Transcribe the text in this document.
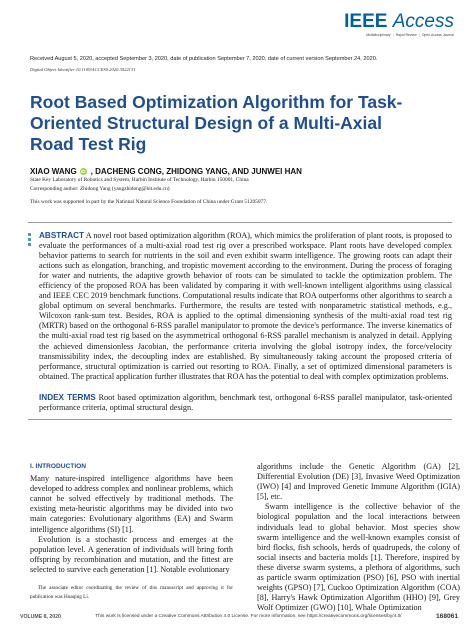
IEEE Access
Multidisciplinary ⋮ Rapid Review ⋮ Open Access Journal
Received August 5, 2020, accepted September 3, 2020, date of publication September 7, 2020, date of current version September 24, 2020.
Digital Object Identifier 10.1109/ACCESS.2020.3022131
Root Based Optimization Algorithm for Task-Oriented Structural Design of a Multi-Axial Road Test Rig
XIAO WANG iD , DACHENG CONG, ZHIDONG YANG, AND JUNWEI HAN
State Key Laboratory of Robotics and System, Harbin Institute of Technology, Harbin 150001, China
Corresponding author: Zhidong Yang (yangzhidong@hit.edu.cn)
This work was supported in part by the National Natural Science Foundation of China under Grant 51205077.

ABSTRACT A novel root based optimization algorithm (ROA), which mimics the proliferation of plant roots, is proposed to evaluate the performances of a multi-axial road test rig over a prescribed workspace. Plant roots have developed complex behavior patterns to search for nutrients in the soil and even exhibit swarm intelligence. The growing roots can adapt their actions such as elongation, branching, and tropistic movement according to the environment. During the process of foraging for water and nutrients, the adaptive growth behavior of roots can be simulated to tackle the optimization problem. The efficiency of the proposed ROA has been validated by comparing it with well-known intelligent algorithms using classical and IEEE CEC 2019 benchmark functions. Computational results indicate that ROA outperforms other algorithms to search a global optimum on several benchmarks. Furthermore, the results are tested with nonparametric statistical methods, e.g., Wilcoxon rank-sum test. Besides, ROA is applied to the optimal dimensioning synthesis of the multi-axial road test rig (MRTR) based on the orthogonal 6-RSS parallel manipulator to promote the device's performance. The inverse kinematics of the multi-axial road test rig based on the asymmetrical orthogonal 6-RSS parallel mechanism is analyzed in detail. Applying the achieved dimensionless Jacobian, the performance criteria involving the global isotropy index, the force/velocity transmissibility index, the decoupling index are established. By simultaneously taking account the proposed criteria of performance, structural optimization is carried out resorting to ROA. Finally, a set of optimized dimensional parameters is obtained. The practical application further illustrates that ROA has the potential to deal with complex optimization problems.

INDEX TERMS Root based optimization algorithm, benchmark test, orthogonal 6-RSS parallel manipulator, task-oriented performance criteria, optimal structural design.

I. INTRODUCTION

Many nature-inspired intelligence algorithms have been developed to address complex and nonlinear problems, which cannot be solved effectively by traditional methods. The existing meta-heuristic algorithms may be divided into two main categories: Evolutionary algorithms (EA) and Swarm intelligence algorithms (SI) [1].

Evolution is a stochastic process and emerges at the population level. A generation of individuals will bring forth offspring by recombination and mutation, and the fittest are selected to survive each generation [1]. Notable evolutionary

The associate editor coordinating the review of this manuscript and approving it for publication was Huaqing Li.

algorithms include the Genetic Algorithm (GA) [2], Differential Evolution (DE) [3], Invasive Weed Optimization (IWO) [4] and Improved Genetic Immune Algorithm (IGIA) [5], etc.

Swarm intelligence is the collective behavior of the biological population and the local interactions between individuals lead to global behavior. Most species show swarm intelligence and the well-known examples consist of bird flocks, fish schools, herds of quadrupeds, the colony of social insects and bacteria molds [1]. Therefore, inspired by these diverse swarm systems, a plethora of algorithms, such as particle swarm optimization (PSO) [6], PSO with inertial weights (GPSO) [7], Cuckoo Optimization Algorithm (COA) [8], Harry's Hawk Optimization Algorithm (HHO) [9], Grey Wolf Optimizer (GWO) [10], Whale Optimization

VOLUME 8, 2020	This work is licensed under a Creative Commons Attribution 4.0 License. For more information, see https://creativecommons.org/licenses/by/4.0/	168061
